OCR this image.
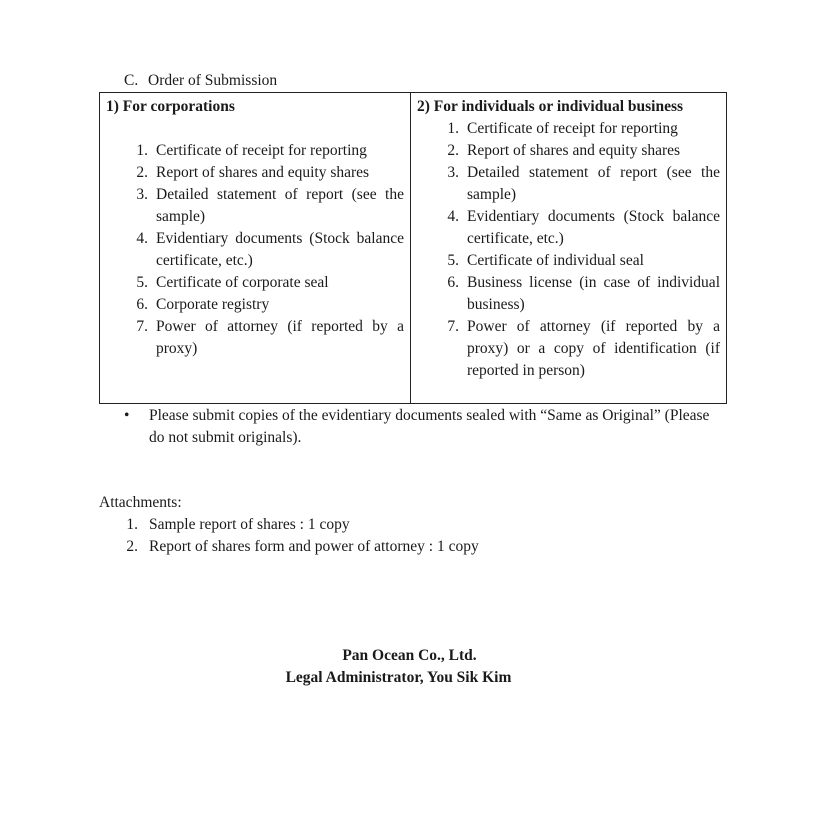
C. Order of Submission
1) For corporations
1. Certificate of receipt for reporting
2. Report of shares and equity shares
3. Detailed statement of report (see the sample)
4. Evidentiary documents (Stock balance certificate, etc.)
5. Certificate of corporate seal
6. Corporate registry
7. Power of attorney (if reported by a proxy)
2) For individuals or individual business
1. Certificate of receipt for reporting
2. Report of shares and equity shares
3. Detailed statement of report (see the sample)
4. Evidentiary documents (Stock balance certificate, etc.)
5. Certificate of individual seal
6. Business license (in case of individual business)
7. Power of attorney (if reported by a proxy) or a copy of identification (if reported in person)
•	Please submit copies of the evidentiary documents sealed with “Same as Original” (Please do not submit originals).
Attachments:
1. Sample report of shares : 1 copy
2. Report of shares form and power of attorney : 1 copy
Pan Ocean Co., Ltd.
Legal Administrator, You Sik Kim
